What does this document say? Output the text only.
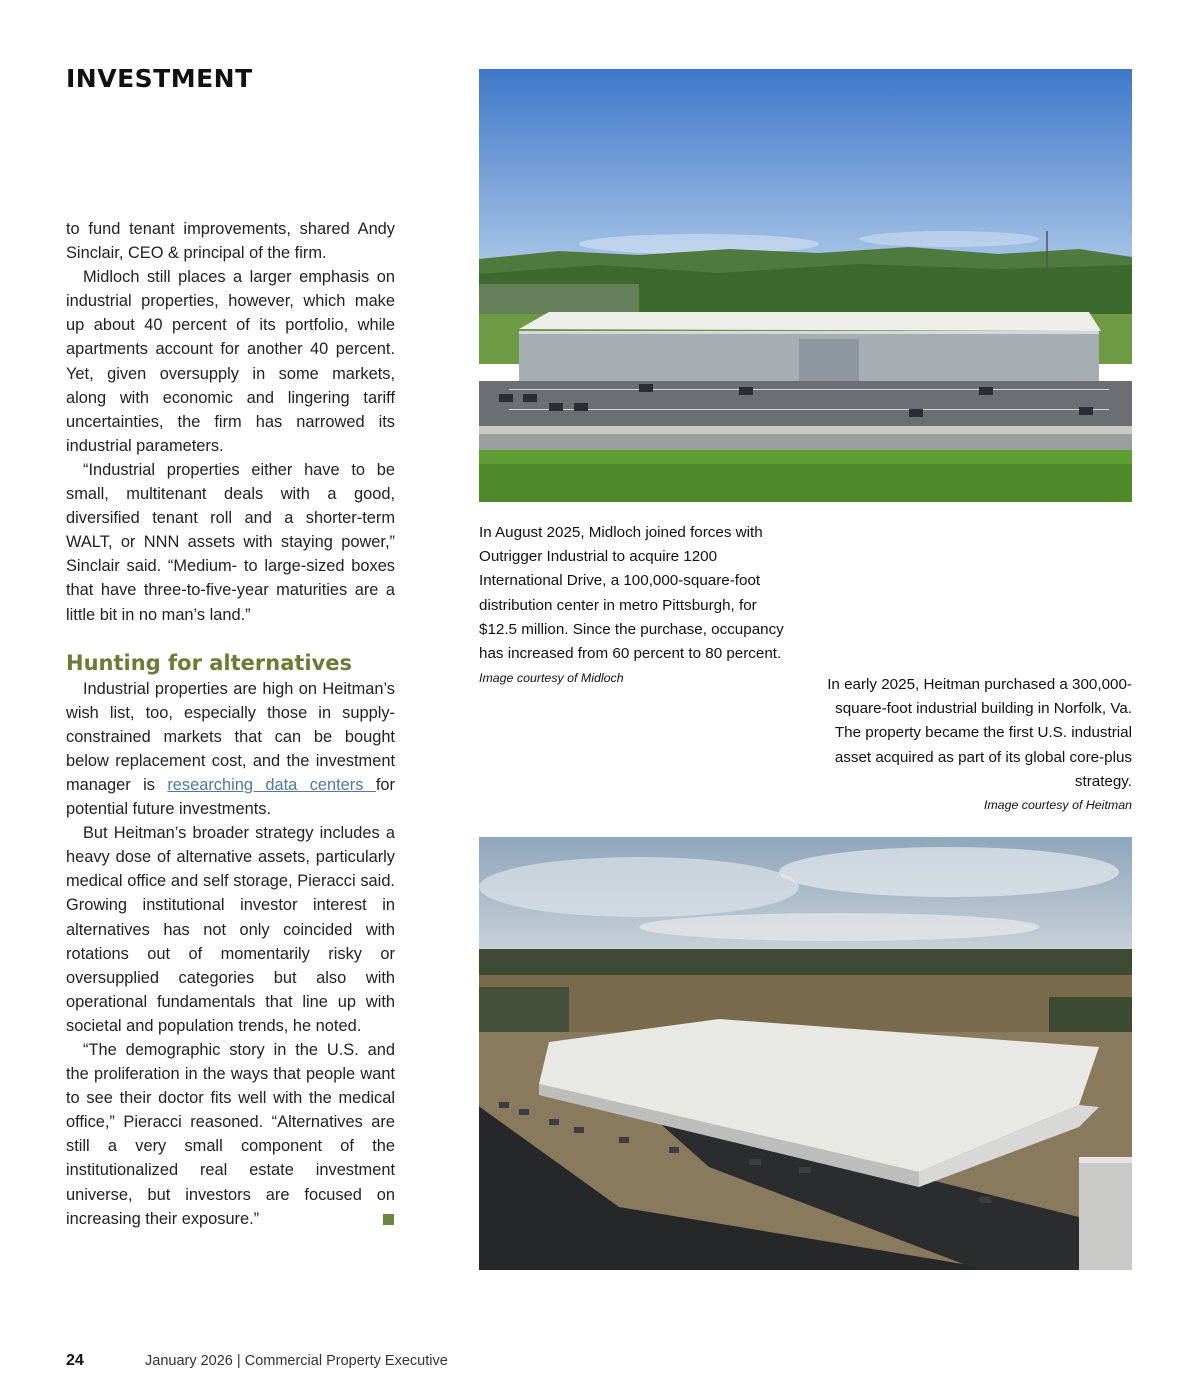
INVESTMENT

to fund tenant improvements, shared Andy Sinclair, CEO & principal of the firm.

Midloch still places a larger emphasis on industrial properties, however, which make up about 40 percent of its portfolio, while apartments account for another 40 percent. Yet, given oversupply in some markets, along with economic and lingering tariff uncertainties, the firm has narrowed its industrial parameters.

“Industrial properties either have to be small, multitenant deals with a good, diversified tenant roll and a shorter-term WALT, or NNN assets with staying power,” Sinclair said. “Medium- to large-sized boxes that have three-to-five-year maturities are a little bit in no man’s land.”

Hunting for alternatives

Industrial properties are high on Heitman’s wish list, too, especially those in supply-constrained markets that can be bought below replacement cost, and the investment manager is researching data centers for potential future investments.

But Heitman’s broader strategy includes a heavy dose of alternative assets, particularly medical office and self storage, Pieracci said. Growing institutional investor interest in alternatives has not only coincided with rotations out of momentarily risky or oversupplied categories but also with operational fundamentals that line up with societal and population trends, he noted.

“The demographic story in the U.S. and the proliferation in the ways that people want to see their doctor fits well with the medical office,” Pieracci reasoned. “Alternatives are still a very small component of the institutionalized real estate investment universe, but investors are focused on increasing their exposure.”

In August 2025, Midloch joined forces with Outrigger Industrial to acquire 1200 International Drive, a 100,000-square-foot distribution center in metro Pittsburgh, for $12.5 million. Since the purchase, occupancy has increased from 60 percent to 80 percent. Image courtesy of Midloch	In early 2025, Heitman purchased a 300,000-square-foot industrial building in Norfolk, Va. The property became the first U.S. industrial asset acquired as part of its global core-plus strategy.
Image courtesy of Heitman
24	January 2026 | Commercial Property Executive
